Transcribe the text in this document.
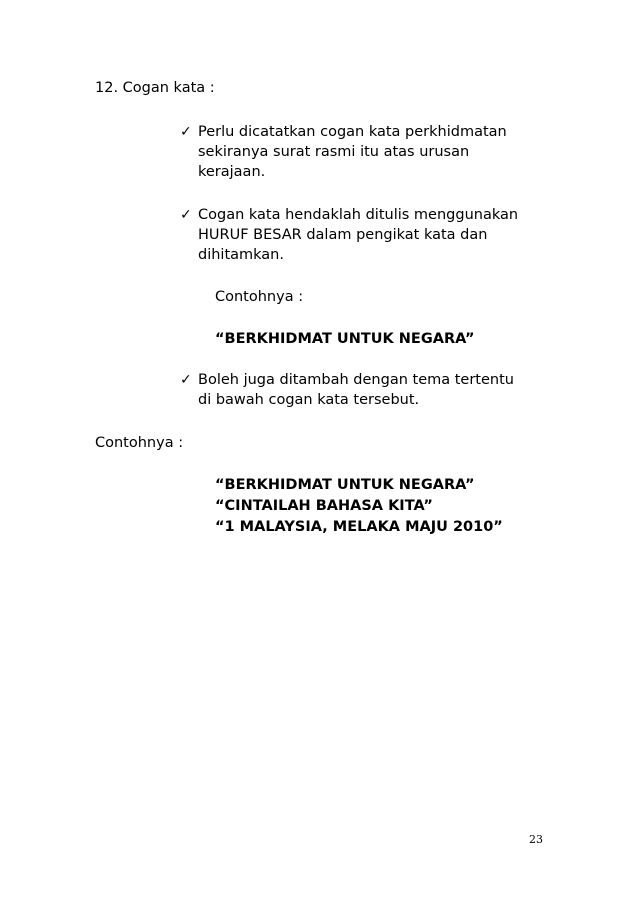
12. Cogan kata :
✓ Perlu dicatatkan cogan kata perkhidmatan
sekiranya surat rasmi itu atas urusan
kerajaan.
✓ Cogan kata hendaklah ditulis menggunakan
HURUF BESAR dalam pengikat kata dan
dihitamkan.
Contohnya :
“BERKHIDMAT UNTUK NEGARA”
✓ Boleh juga ditambah dengan tema tertentu
di bawah cogan kata tersebut.
Contohnya :
“BERKHIDMAT UNTUK NEGARA”
“CINTAILAH BAHASA KITA”
“1 MALAYSIA, MELAKA MAJU 2010”
23
